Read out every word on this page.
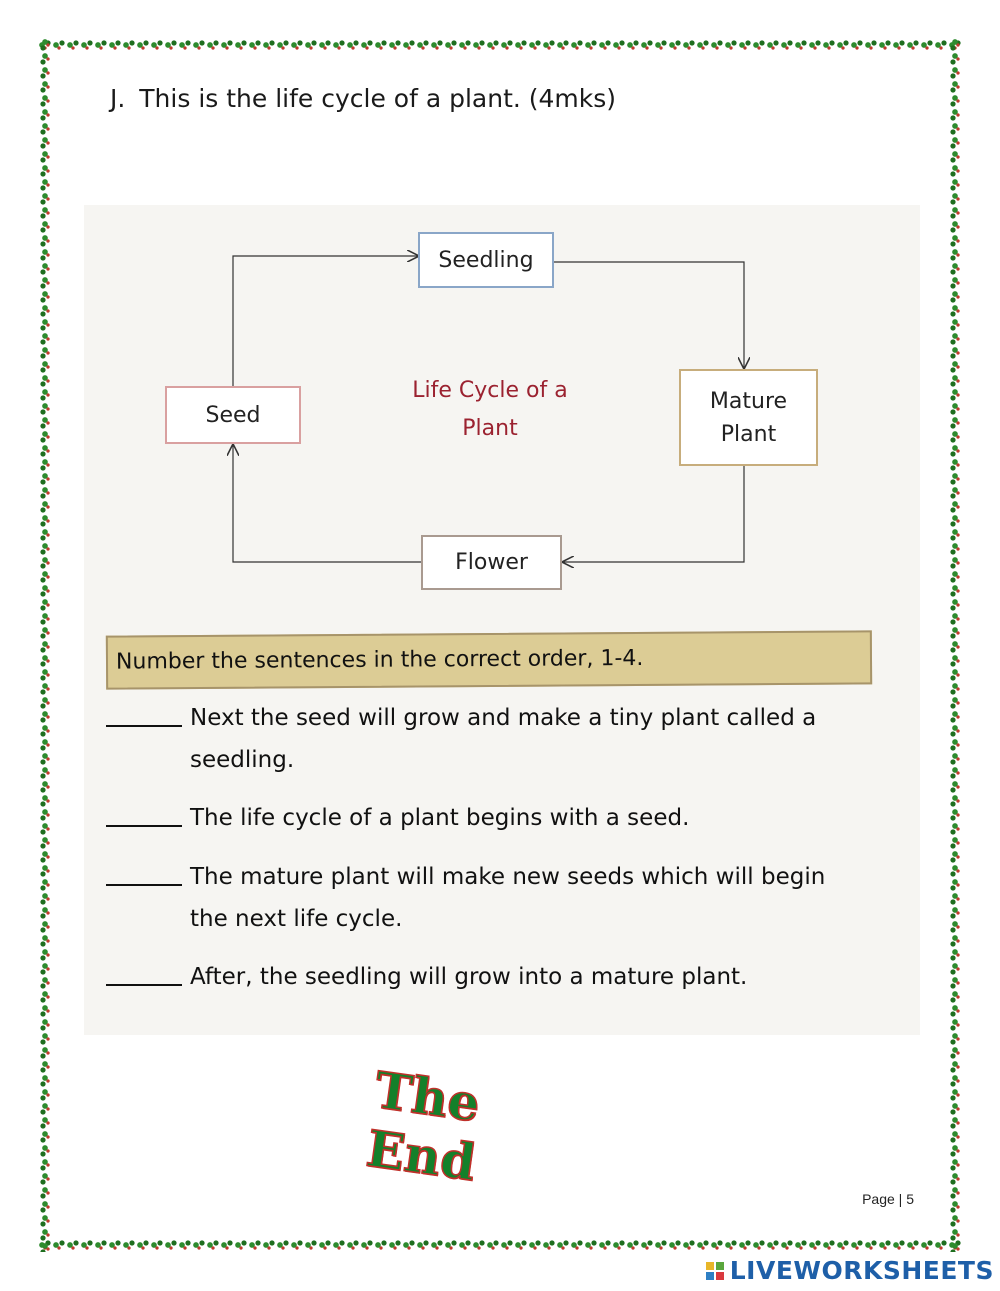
J. This is the life cycle of a plant. (4mks)
Seedling
Mature Plant
Seed
Flower
Life Cycle of a Plant
Number the sentences in the correct order, 1-4.
Next the seed will grow and make a tiny plant called a seedling.
The life cycle of a plant begins with a seed.
The mature plant will make new seeds which will begin the next life cycle.
After, the seedling will grow into a mature plant.
The End
Page | 5
LIVEWORKSHEETS
